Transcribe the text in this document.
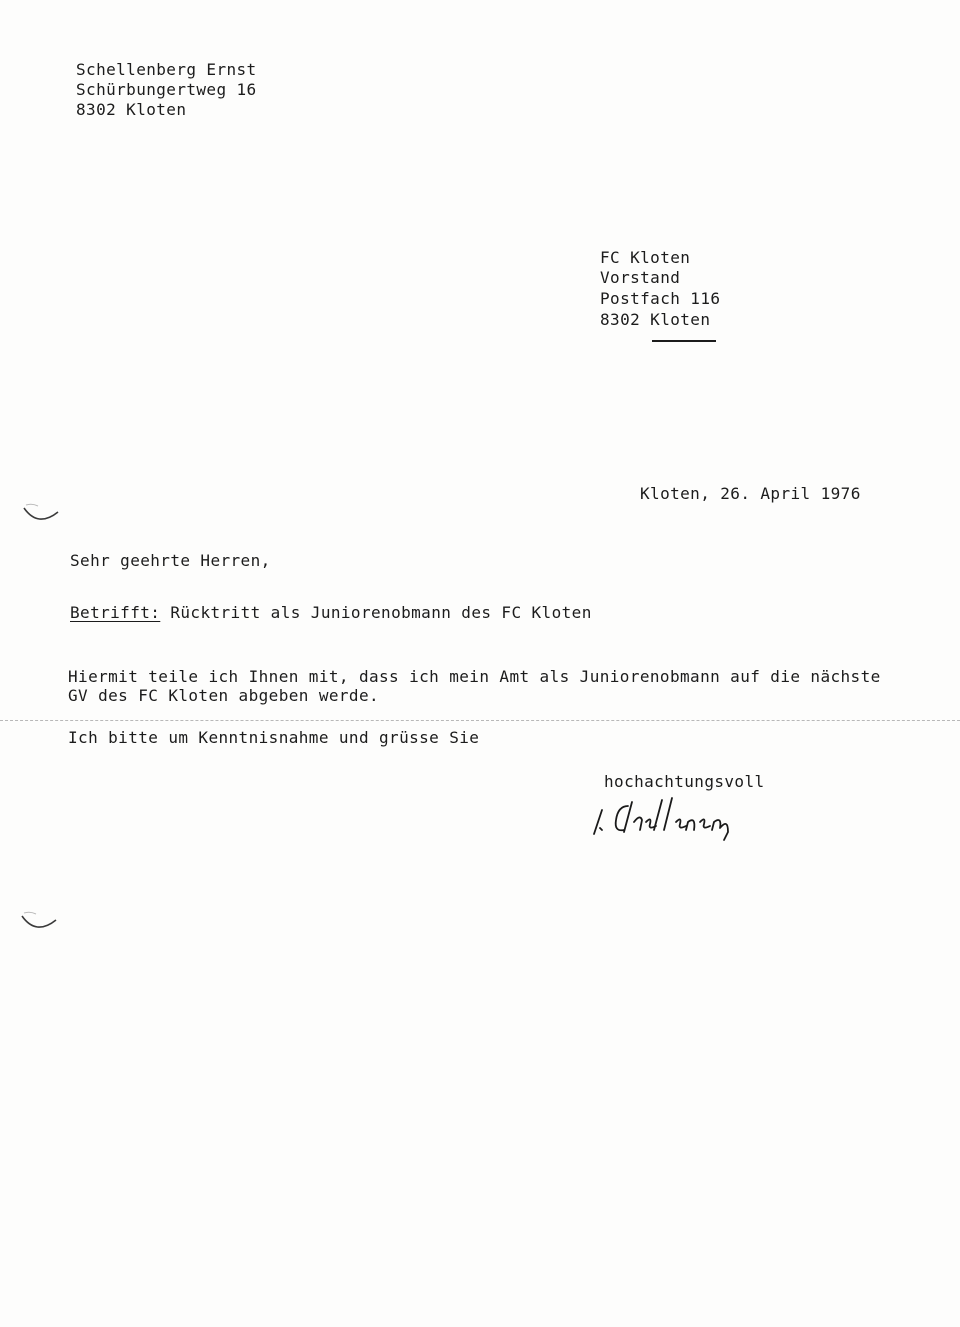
Schellenberg Ernst
Schürbungertweg 16
8302 Kloten
FC Kloten
Vorstand
Postfach 116
8302 Kloten
Kloten, 26. April 1976
Sehr geehrte Herren,
Betrifft: Rücktritt als Juniorenobmann des FC Kloten
Hiermit teile ich Ihnen mit, dass ich mein Amt als Juniorenobmann auf die nächste
GV des FC Kloten abgeben werde.
Ich bitte um Kenntnisnahme und grüsse Sie
hochachtungsvoll
